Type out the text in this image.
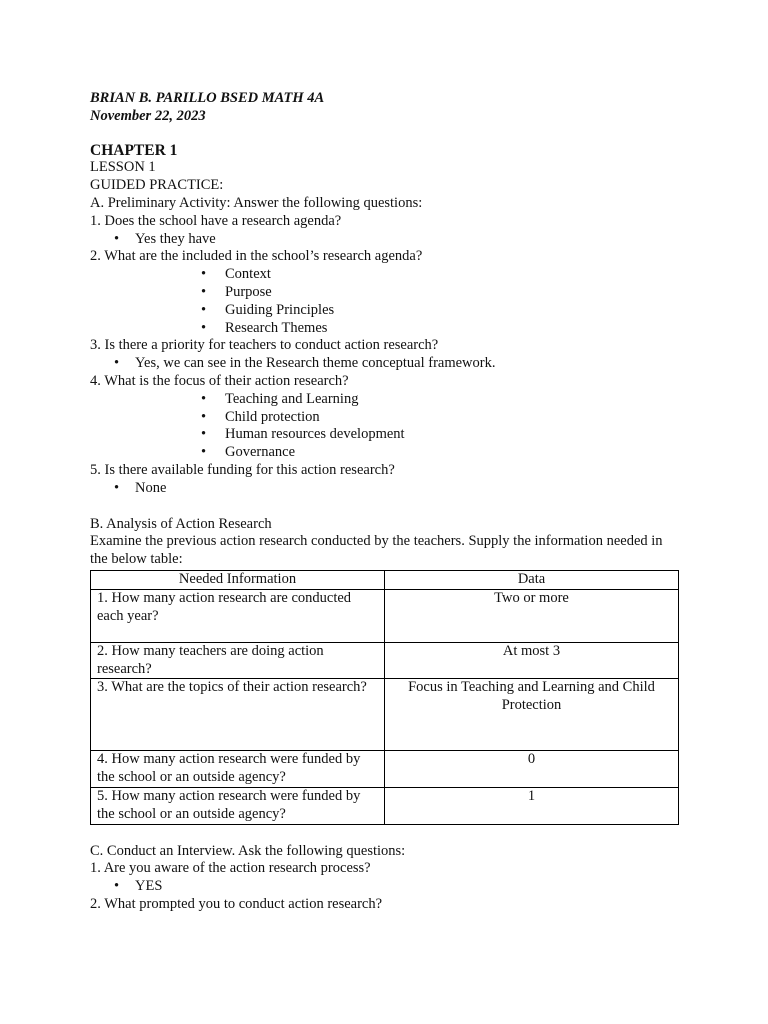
BRIAN B. PARILLO BSED MATH 4A
November 22, 2023
CHAPTER 1
LESSON 1
GUIDED PRACTICE:
A. Preliminary Activity: Answer the following questions:
1. Does the school have a research agenda?
• Yes they have
2. What are the included in the school’s research agenda?
• Context
• Purpose
• Guiding Principles
• Research Themes
3. Is there a priority for teachers to conduct action research?
• Yes, we can see in the Research theme conceptual framework.
4. What is the focus of their action research?
• Teaching and Learning
• Child protection
• Human resources development
• Governance
5. Is there available funding for this action research?
• None
B. Analysis of Action Research
Examine the previous action research conducted by the teachers. Supply the information needed in the below table:
Needed Information	Data
1. How many action research are conducted each year?	Two or more
2. How many teachers are doing action research?	At most 3
3. What are the topics of their action research?	Focus in Teaching and Learning and Child Protection
4. How many action research were funded by the school or an outside agency?	0
5. How many action research were funded by the school or an outside agency?	1
C. Conduct an Interview. Ask the following questions:
1. Are you aware of the action research process?
• YES
2. What prompted you to conduct action research?
